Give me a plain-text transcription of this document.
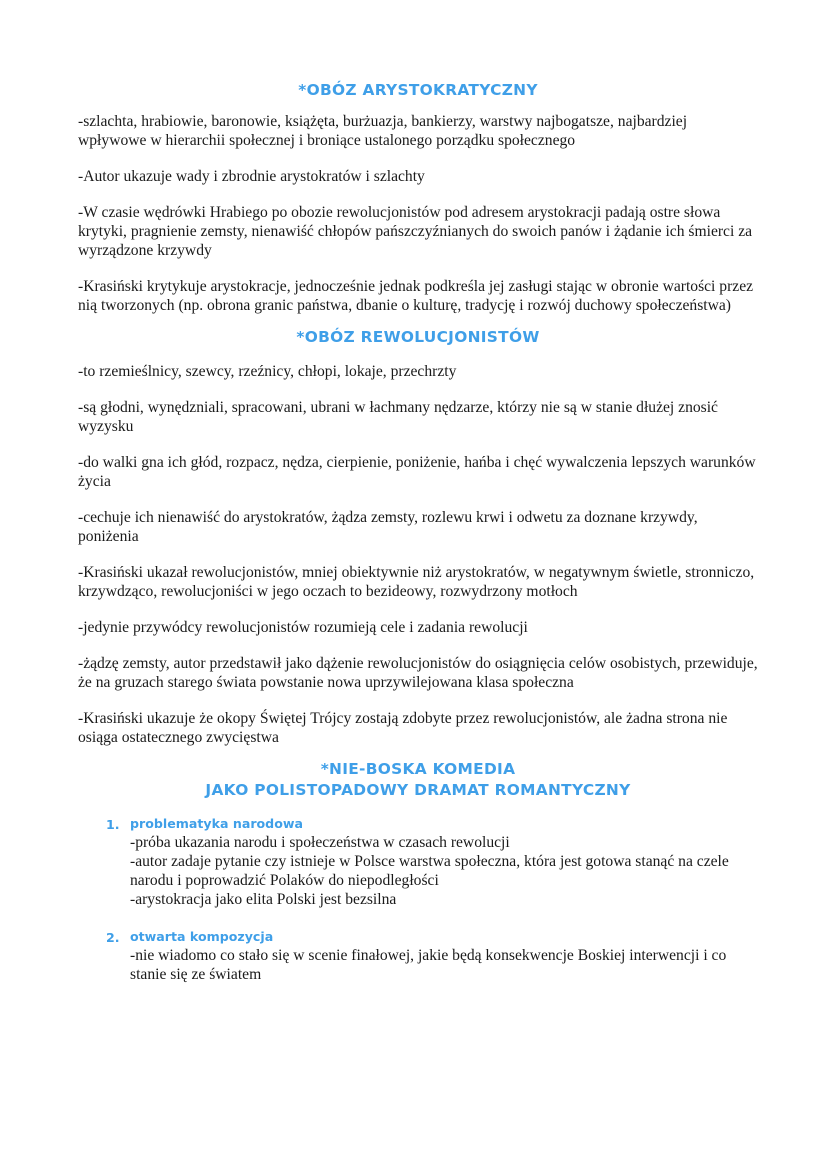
*OBÓZ ARYSTOKRATYCZNY

-szlachta, hrabiowie, baronowie, książęta, burżuazja, bankierzy, warstwy najbogatsze, najbardziej wpływowe w hierarchii społecznej i broniące ustalonego porządku społecznego

-Autor ukazuje wady i zbrodnie arystokratów i szlachty

-W czasie wędrówki Hrabiego po obozie rewolucjonistów pod adresem arystokracji padają ostre słowa krytyki, pragnienie zemsty, nienawiść chłopów pańszczyźnianych do swoich panów i żądanie ich śmierci za wyrządzone krzywdy

-Krasiński krytykuje arystokracje, jednocześnie jednak podkreśla jej zasługi stając w obronie wartości przez nią tworzonych (np. obrona granic państwa, dbanie o kulturę, tradycję i rozwój duchowy społeczeństwa)

*OBÓZ REWOLUCJONISTÓW

-to rzemieślnicy, szewcy, rzeźnicy, chłopi, lokaje, przechrzty

-są głodni, wynędzniali, spracowani, ubrani w łachmany nędzarze, którzy nie są w stanie dłużej znosić wyzysku

-do walki gna ich głód, rozpacz, nędza, cierpienie, poniżenie, hańba i chęć wywalczenia lepszych warunków życia

-cechuje ich nienawiść do arystokratów, żądza zemsty, rozlewu krwi i odwetu za doznane krzywdy, poniżenia

-Krasiński ukazał rewolucjonistów, mniej obiektywnie niż arystokratów, w negatywnym świetle, stronniczo, krzywdząco, rewolucjoniści w jego oczach to bezideowy, rozwydrzony motłoch

-jedynie przywódcy rewolucjonistów rozumieją cele i zadania rewolucji

-żądzę zemsty, autor przedstawił jako dążenie rewolucjonistów do osiągnięcia celów osobistych, przewiduje, że na gruzach starego świata powstanie nowa uprzywilejowana klasa społeczna

-Krasiński ukazuje że okopy Świętej Trójcy zostają zdobyte przez rewolucjonistów, ale żadna strona nie osiąga ostatecznego zwycięstwa

*NIE-BOSKA KOMEDIA
JAKO POLISTOPADOWY DRAMAT ROMANTYCZNY
1. problematyka narodowa
-próba ukazania narodu i społeczeństwa w czasach rewolucji
-autor zadaje pytanie czy istnieje w Polsce warstwa społeczna, która jest gotowa stanąć na czele narodu i poprowadzić Polaków do niepodległości
-arystokracja jako elita Polski jest bezsilna
2. otwarta kompozycja
-nie wiadomo co stało się w scenie finałowej, jakie będą konsekwencje Boskiej interwencji i co stanie się ze światem
